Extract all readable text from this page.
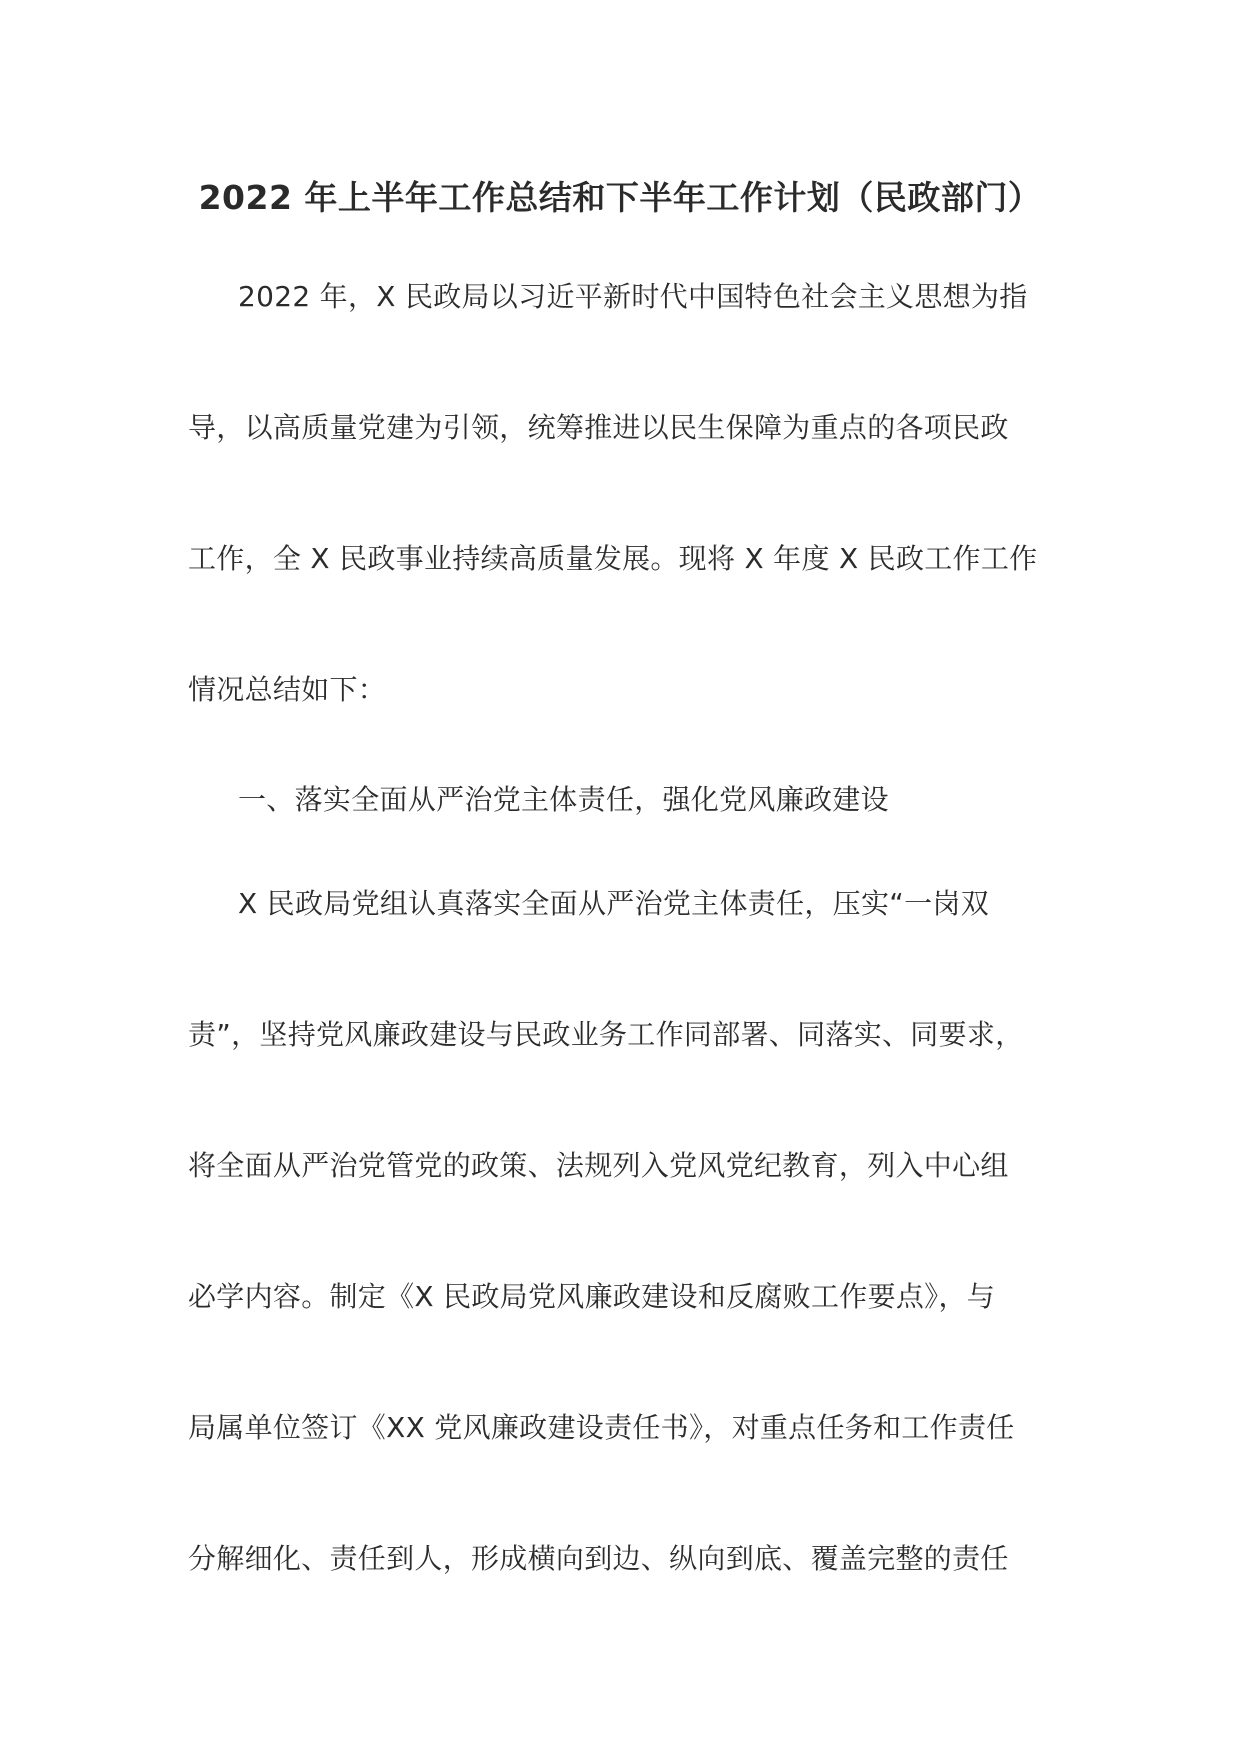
2022 年上半年工作总结和下半年工作计划（民政部门）
2022 年，X 民政局以习近平新时代中国特色社会主义思想为指
导，以高质量党建为引领，统筹推进以民生保障为重点的各项民政
工作，全 X 民政事业持续高质量发展。现将 X 年度 X 民政工作工作
情况总结如下：
一、落实全面从严治党主体责任，强化党风廉政建设
X 民政局党组认真落实全面从严治党主体责任，压实“一岗双
责”，坚持党风廉政建设与民政业务工作同部署、同落实、同要求，
将全面从严治党管党的政策、法规列入党风党纪教育，列入中心组
必学内容。制定《X 民政局党风廉政建设和反腐败工作要点》，与
局属单位签订《XX 党风廉政建设责任书》，对重点任务和工作责任
分解细化、责任到人，形成横向到边、纵向到底、覆盖完整的责任
